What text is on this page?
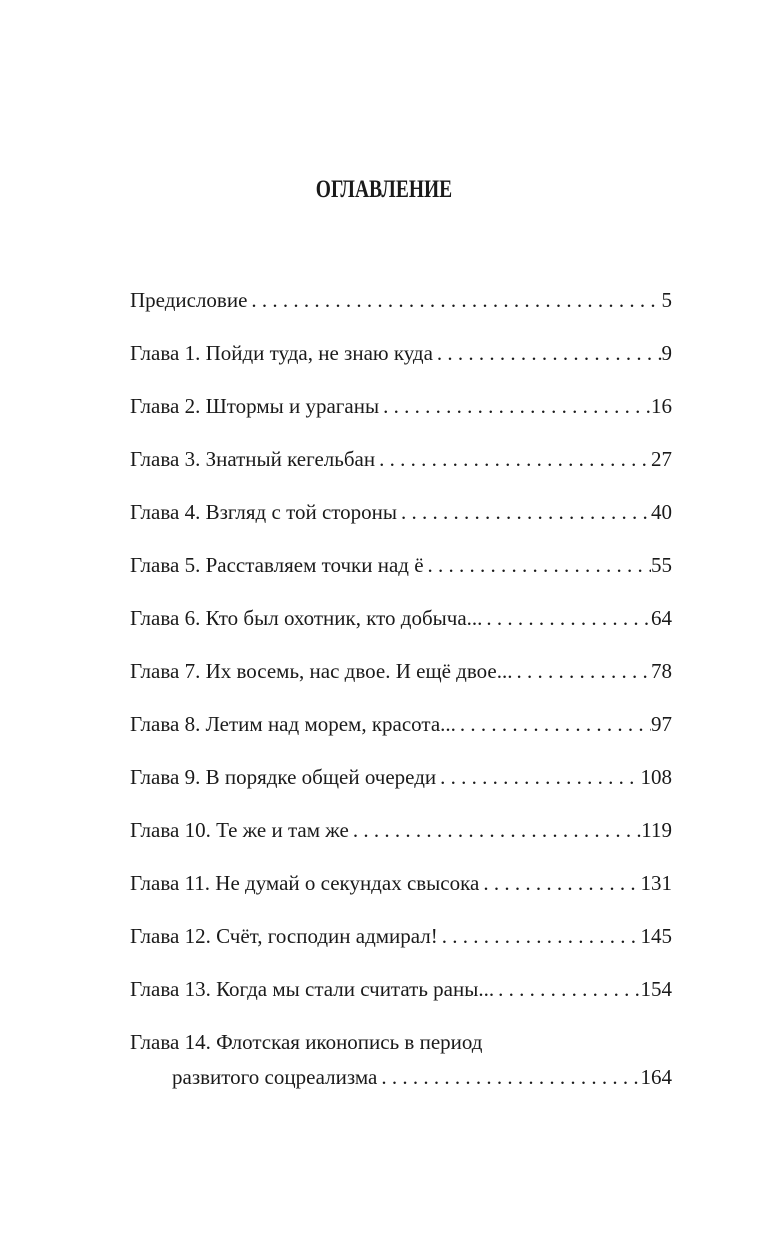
ОГЛАВЛЕНИЕ
Предисловие . . .	5
Глава 1. Пойди туда, не знаю куда . . .	9
Глава 2. Штормы и ураганы . . .	16
Глава 3. Знатный кегельбан . . .	27
Глава 4. Взгляд с той стороны . . .	40
Глава 5. Расставляем точки над ё . . .	55
Глава 6. Кто был охотник, кто добыча... . . .	64
Глава 7. Их восемь, нас двое. И ещё двое... . . .	78
Глава 8. Летим над морем, красота... . . .	97
Глава 9. В порядке общей очереди . . .	108
Глава 10. Те же и там же . . .	119
Глава 11. Не думай о секундах свысока . . .	131
Глава 12. Счёт, господин адмирал! . . .	145
Глава 13. Когда мы стали считать раны... . . .	154
Глава 14. Флотская иконопись в период
развитого соцреализма . . .	164
